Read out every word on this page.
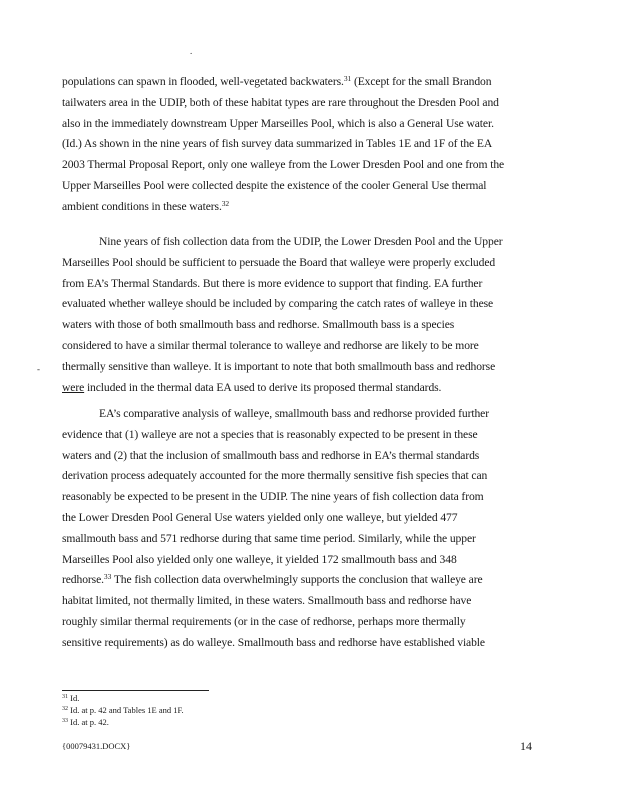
.
-
populations can spawn in flooded, well-vegetated backwaters.$^{31}$ (Except for the small Brandon
tailwaters area in the UDIP, both of these habitat types are rare throughout the Dresden Pool and
also in the immediately downstream Upper Marseilles Pool, which is also a General Use water.
(Id.) As shown in the nine years of fish survey data summarized in Tables 1E and 1F of the EA
2003 Thermal Proposal Report, only one walleye from the Lower Dresden Pool and one from the
Upper Marseilles Pool were collected despite the existence of the cooler General Use thermal
ambient conditions in these waters.$^{32}$
Nine years of fish collection data from the UDIP, the Lower Dresden Pool and the Upper
Marseilles Pool should be sufficient to persuade the Board that walleye were properly excluded
from EA’s Thermal Standards. But there is more evidence to support that finding. EA further
evaluated whether walleye should be included by comparing the catch rates of walleye in these
waters with those of both smallmouth bass and redhorse. Smallmouth bass is a species
considered to have a similar thermal tolerance to walleye and redhorse are likely to be more
thermally sensitive than walleye. It is important to note that both smallmouth bass and redhorse
were included in the thermal data EA used to derive its proposed thermal standards.
EA’s comparative analysis of walleye, smallmouth bass and redhorse provided further
evidence that (1) walleye are not a species that is reasonably expected to be present in these
waters and (2) that the inclusion of smallmouth bass and redhorse in EA’s thermal standards
derivation process adequately accounted for the more thermally sensitive fish species that can
reasonably be expected to be present in the UDIP. The nine years of fish collection data from
the Lower Dresden Pool General Use waters yielded only one walleye, but yielded 477
smallmouth bass and 571 redhorse during that same time period. Similarly, while the upper
Marseilles Pool also yielded only one walleye, it yielded 172 smallmouth bass and 348
redhorse.$^{33}$ The fish collection data overwhelmingly supports the conclusion that walleye are
habitat limited, not thermally limited, in these waters. Smallmouth bass and redhorse have
roughly similar thermal requirements (or in the case of redhorse, perhaps more thermally
sensitive requirements) as do walleye. Smallmouth bass and redhorse have established viable
$^{31}$ Id.
$^{32}$ Id. at p. 42 and Tables 1E and 1F.
$^{33}$ Id. at p. 42.
{00079431.DOCX}	14
